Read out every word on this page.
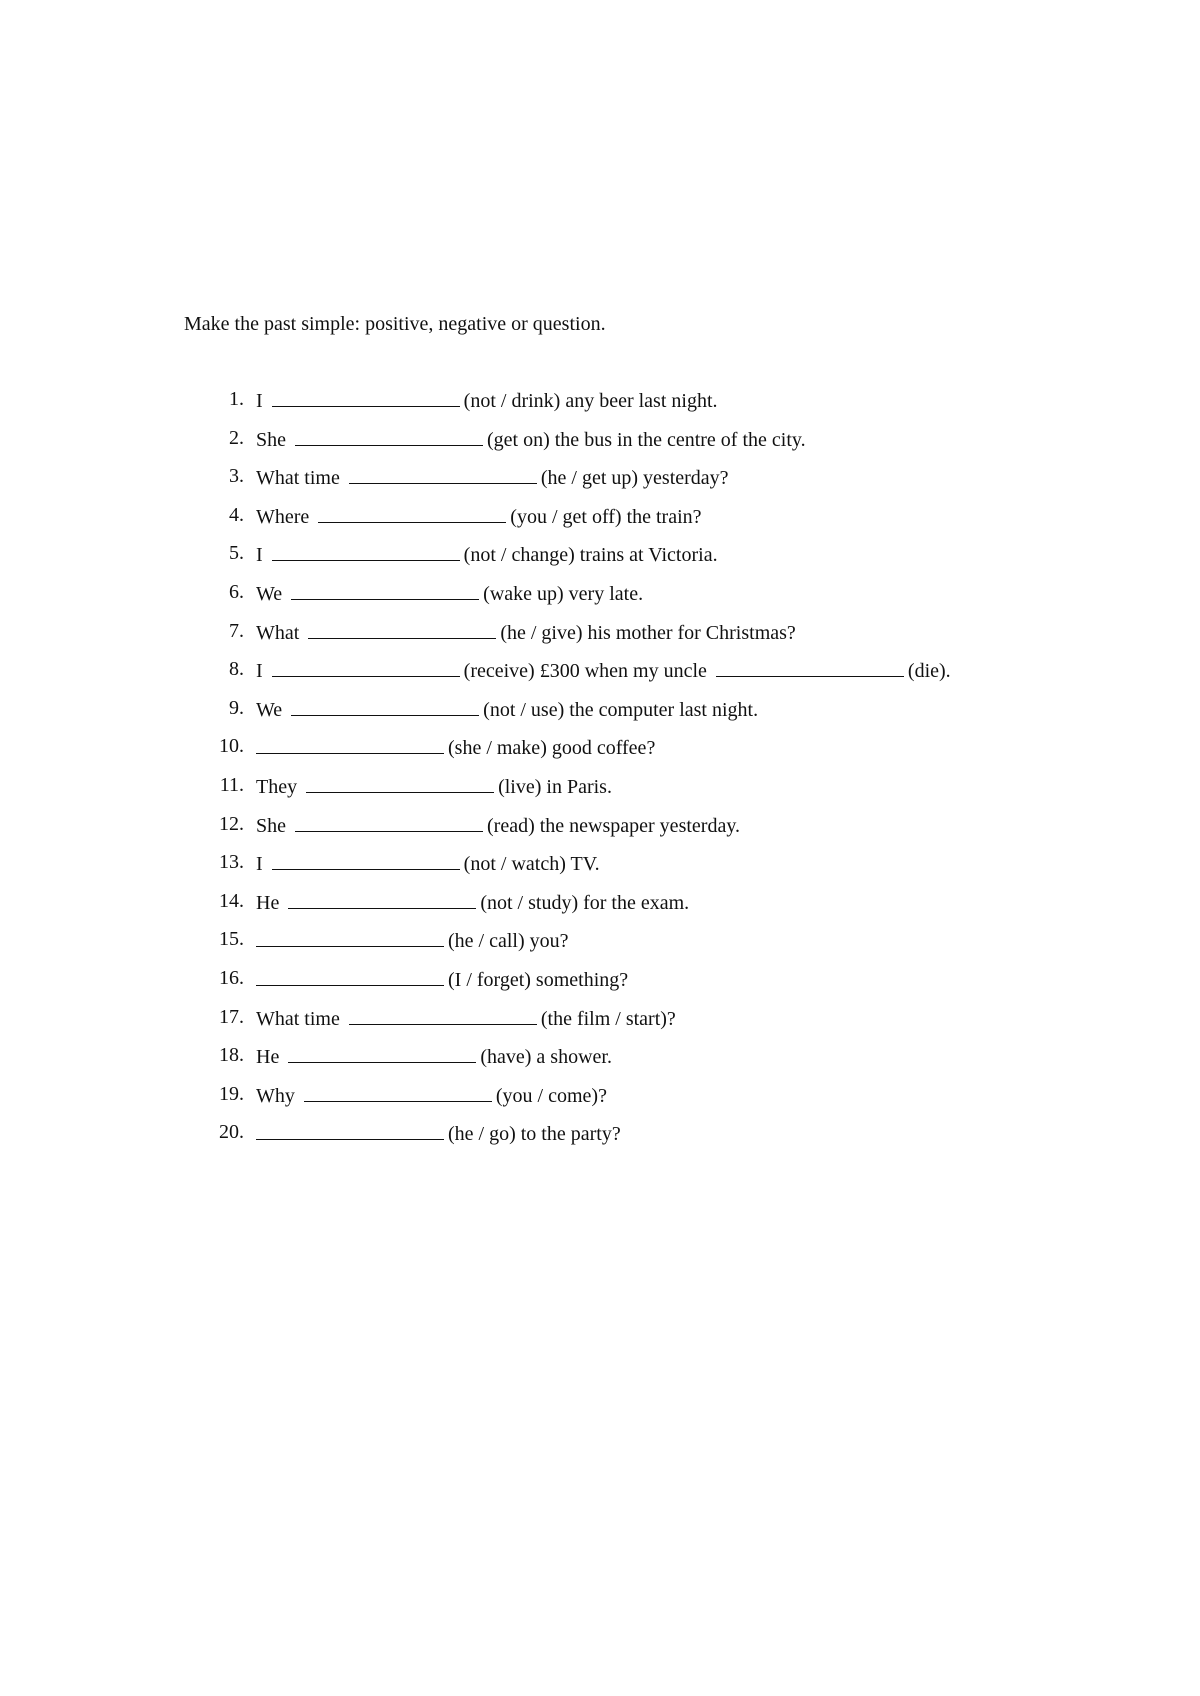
Make the past simple: positive, negative or question.
1. I	(not / drink) any beer last night.
2. She	(get on) the bus in the centre of the city.
3. What time	(he / get up) yesterday?
4. Where	(you / get off) the train?
5. I	(not / change) trains at Victoria.
6. We	(wake up) very late.
7. What	(he / give) his mother for Christmas?
8. I	(receive) £300 when my uncle	(die).
9. We	(not / use) the computer last night.
10.	(she / make) good coffee?
11. They	(live) in Paris.
12. She	(read) the newspaper yesterday.
13. I	(not / watch) TV.
14. He	(not / study) for the exam.
15.	(he / call) you?
16.	(I / forget) something?
17. What time	(the film / start)?
18. He	(have) a shower.
19. Why	(you / come)?
20.	(he / go) to the party?
